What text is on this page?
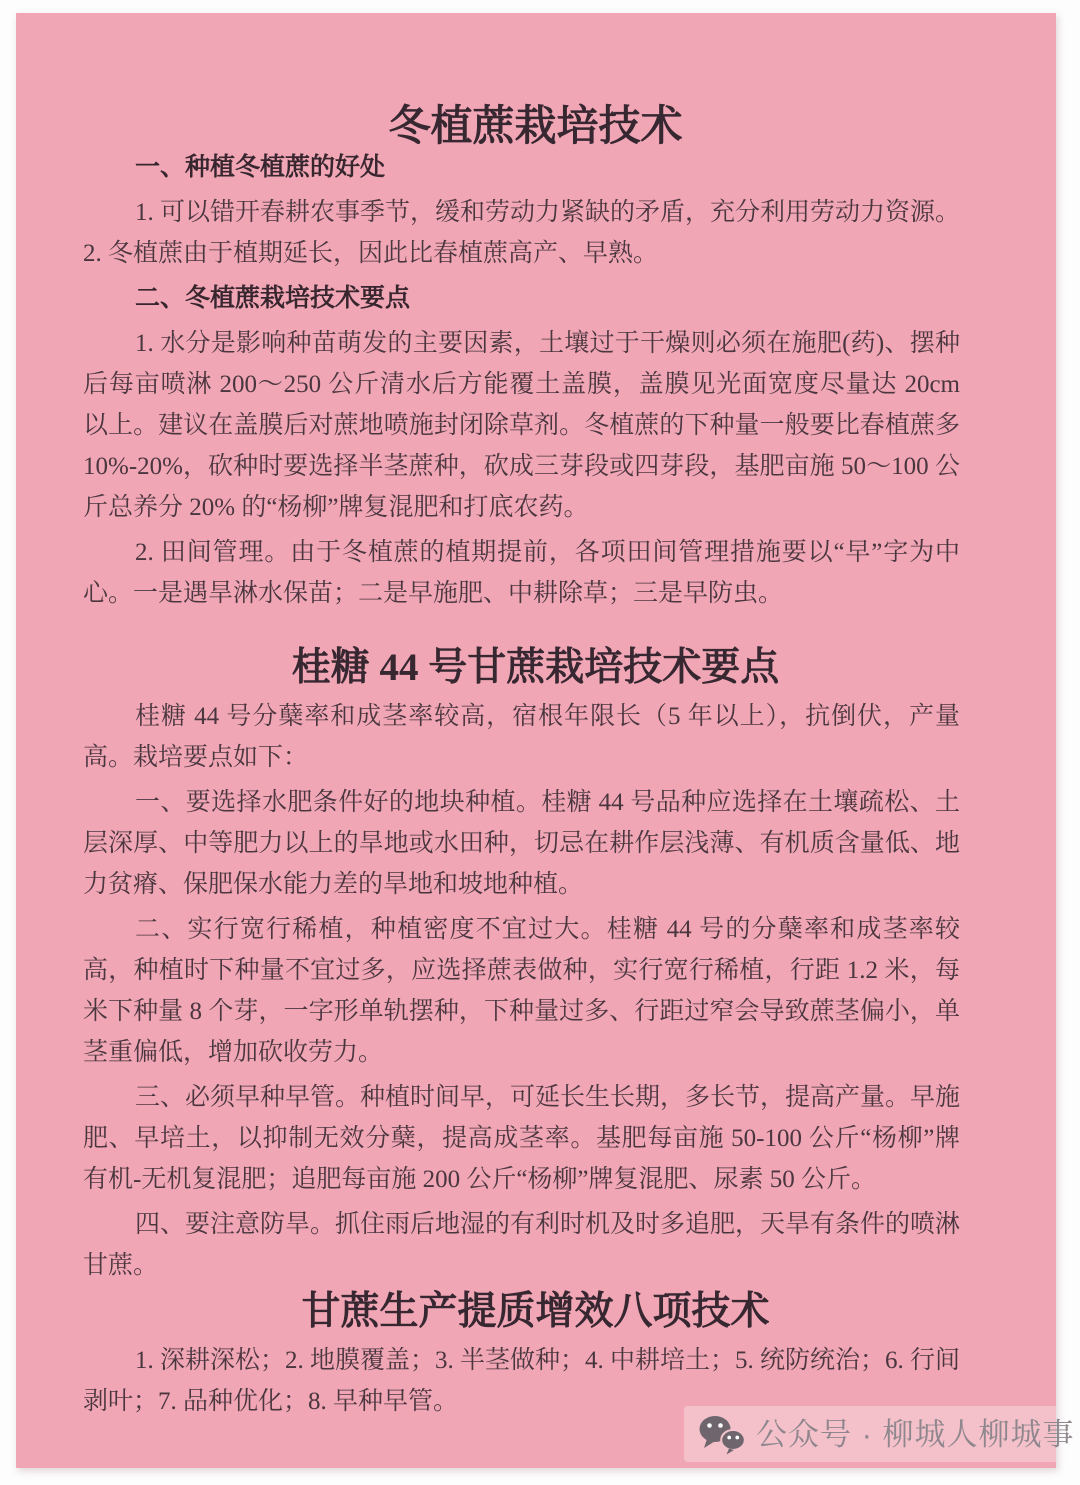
冬植蔗栽培技术

一、种植冬植蔗的好处

1. 可以错开春耕农事季节，缓和劳动力紧缺的矛盾，充分利用劳动力资源。2. 冬植蔗由于植期延长，因此比春植蔗高产、早熟。

二、冬植蔗栽培技术要点

1. 水分是影响种苗萌发的主要因素，土壤过于干燥则必须在施肥(药)、摆种后每亩喷淋 200～250 公斤清水后方能覆土盖膜，盖膜见光面宽度尽量达 20cm 以上。建议在盖膜后对蔗地喷施封闭除草剂。冬植蔗的下种量一般要比春植蔗多 10%-20%，砍种时要选择半茎蔗种，砍成三芽段或四芽段，基肥亩施 50～100 公斤总养分 20% 的“杨柳”牌复混肥和打底农药。

2. 田间管理。由于冬植蔗的植期提前，各项田间管理措施要以“早”字为中心。一是遇旱淋水保苗；二是早施肥、中耕除草；三是早防虫。

桂糖 44 号甘蔗栽培技术要点

桂糖 44 号分蘖率和成茎率较高，宿根年限长（5 年以上），抗倒伏，产量高。栽培要点如下：

一、要选择水肥条件好的地块种植。桂糖 44 号品种应选择在土壤疏松、土层深厚、中等肥力以上的旱地或水田种，切忌在耕作层浅薄、有机质含量低、地力贫瘠、保肥保水能力差的旱地和坡地种植。

二、实行宽行稀植，种植密度不宜过大。桂糖 44 号的分蘖率和成茎率较高，种植时下种量不宜过多，应选择蔗表做种，实行宽行稀植，行距 1.2 米，每米下种量 8 个芽，一字形单轨摆种，下种量过多、行距过窄会导致蔗茎偏小，单茎重偏低，增加砍收劳力。

三、必须早种早管。种植时间早，可延长生长期，多长节，提高产量。早施肥、早培土，以抑制无效分蘖，提高成茎率。基肥每亩施 50-100 公斤“杨柳”牌有机-无机复混肥；追肥每亩施 200 公斤“杨柳”牌复混肥、尿素 50 公斤。

四、要注意防旱。抓住雨后地湿的有利时机及时多追肥，天旱有条件的喷淋甘蔗。

甘蔗生产提质增效八项技术

1. 深耕深松；2. 地膜覆盖；3. 半茎做种；4. 中耕培土；5. 统防统治；6. 行间剥叶；7. 品种优化；8. 早种早管。

公众号 · 柳城人柳城事
